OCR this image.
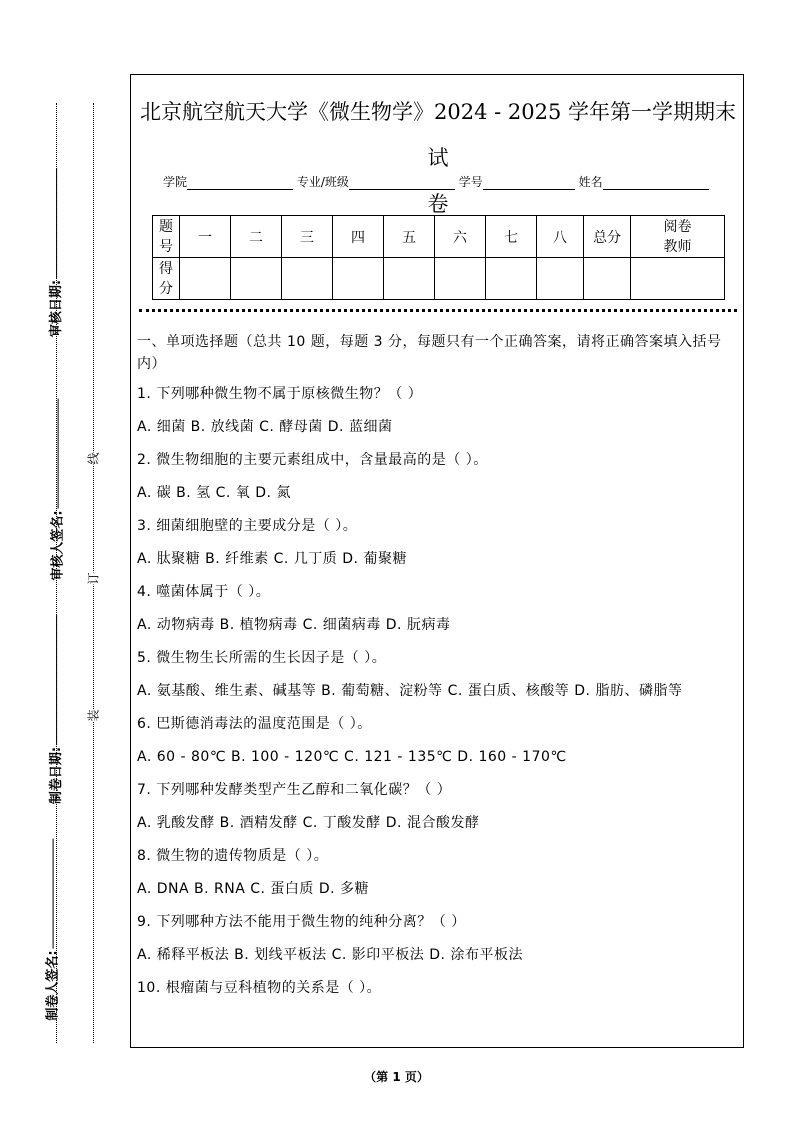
审核日期:
审核人签名:
制卷日期:
制卷人签名:
线
订
装
北京航空航天大学《微生物学》2024 - 2025 学年第一学期期末试
卷
学院	专业/班级	学号	姓名
题号	一	二	三	四	五	六	七	八	总分	阅卷教师
得分										

一、单项选择题（总共 10 题，每题 3 分，每题只有一个正确答案，请将正确答案填入括号内）

1. 下列哪种微生物不属于原核微生物？（ ）

A. 细菌 B. 放线菌 C. 酵母菌 D. 蓝细菌

2. 微生物细胞的主要元素组成中，含量最高的是（ ）。

A. 碳 B. 氢 C. 氧 D. 氮

3. 细菌细胞壁的主要成分是（ ）。

A. 肽聚糖 B. 纤维素 C. 几丁质 D. 葡聚糖

4. 噬菌体属于（ ）。

A. 动物病毒 B. 植物病毒 C. 细菌病毒 D. 朊病毒

5. 微生物生长所需的生长因子是（ ）。

A. 氨基酸、维生素、碱基等 B. 葡萄糖、淀粉等 C. 蛋白质、核酸等 D. 脂肪、磷脂等

6. 巴斯德消毒法的温度范围是（ ）。

A. 60 - 80℃ B. 100 - 120℃ C. 121 - 135℃ D. 160 - 170℃

7. 下列哪种发酵类型产生乙醇和二氧化碳？（ ）

A. 乳酸发酵 B. 酒精发酵 C. 丁酸发酵 D. 混合酸发酵

8. 微生物的遗传物质是（ ）。

A. DNA B. RNA C. 蛋白质 D. 多糖

9. 下列哪种方法不能用于微生物的纯种分离？（ ）

A. 稀释平板法 B. 划线平板法 C. 影印平板法 D. 涂布平板法

10. 根瘤菌与豆科植物的关系是（ ）。

（第 1 页）
